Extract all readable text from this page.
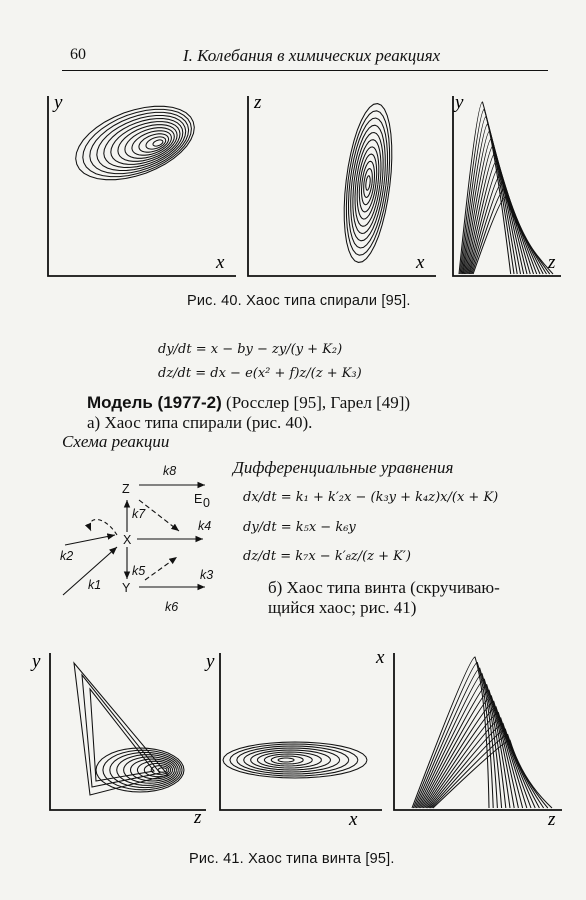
60	I. Колебания в химических реакциях
y
x
z
x
y
z
Рис. 40. Хаос типа спирали [95].
dy/dt = x − by − zy/(y + K₂)
dz/dt = dx − e(x² + f)z/(z + K₃)
Модель (1977-2) (Росслер [95], Гарел [49])
а) Хаос типа спирали (рис. 40).
Схема реакции
Z
X
Y
E 0
k8
k7
k4
k2
k5	k3
k1
k6
Дифференциальные уравнения
dx/dt = k₁ + k′₂x − (k₃y + k₄z)x/(x + K)
dy/dt = k₅x − k₆y
dz/dt = k₇x − k′₈z/(z + K′)
б) Хаос типа винта (скручиваю-
щийся хаос; рис. 41)
y
z
y
x
x
z
Рис. 41. Хаос типа винта [95].
